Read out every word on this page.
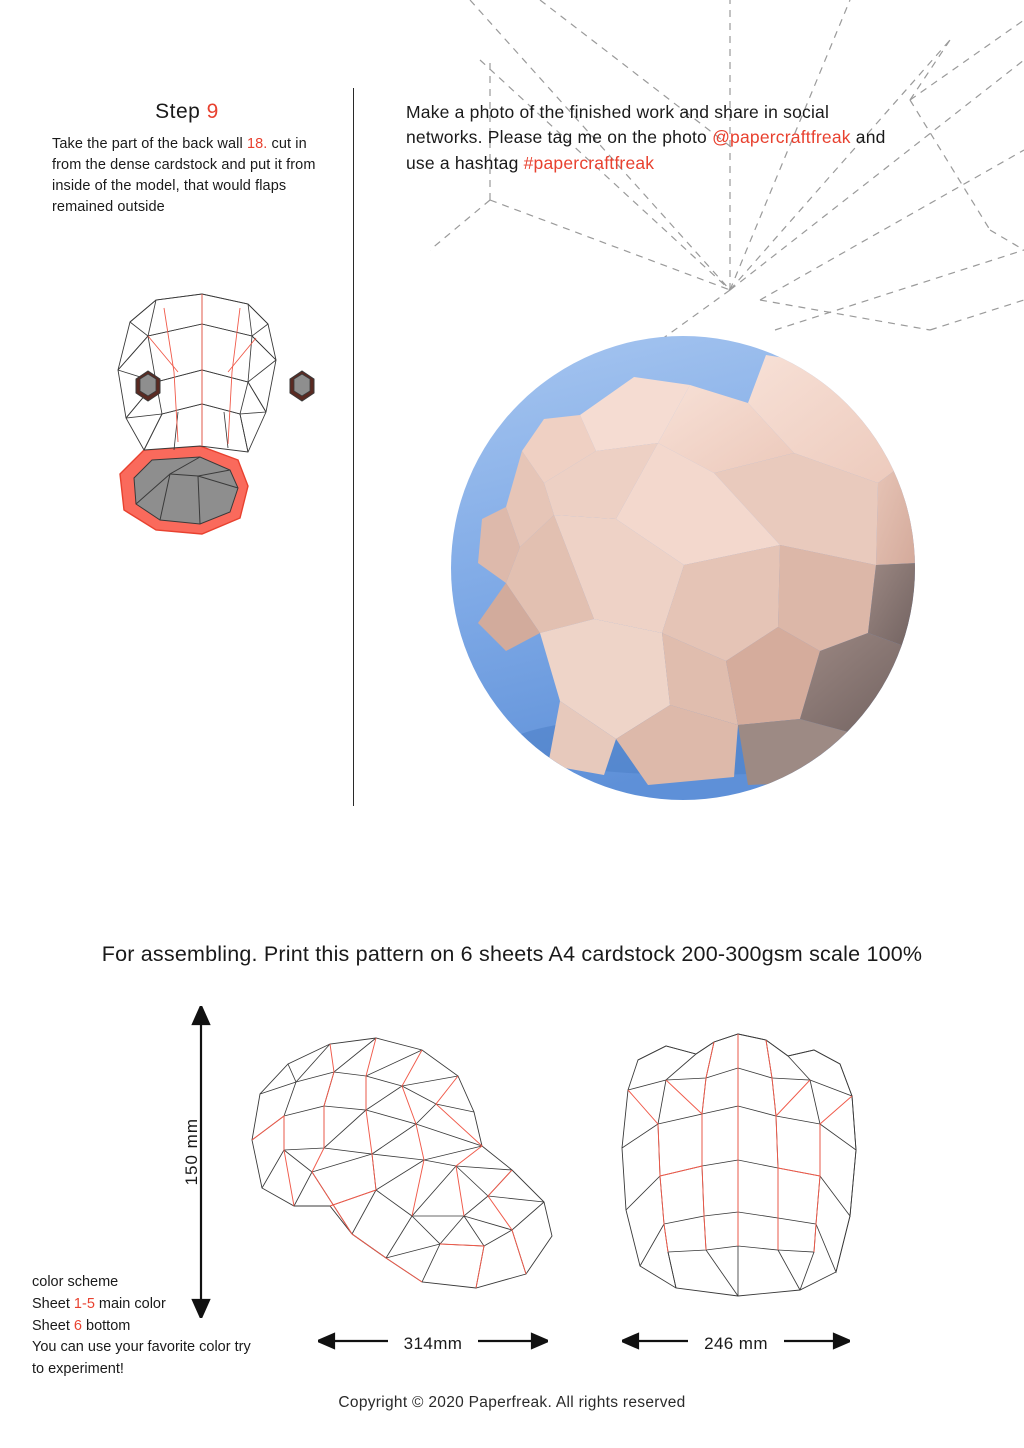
Step 9

Take the part of the back wall 18. cut in from the dense cardstock and put it from inside of the model, that would flaps remained outside

Make a photo of the finished work and share in social
networks. Please tag me on the photo @papercraftfreak and
use a hashtag #papercraftfreak
For assembling. Print this pattern on 6 sheets A4 cardstock 200-300gsm scale 100%
150 mm
314mm	246 mm
color scheme
Sheet 1-5 main color
Sheet 6 bottom
You can use your favorite color try
to experiment!
Copyright © 2020 Paperfreak. All rights reserved
